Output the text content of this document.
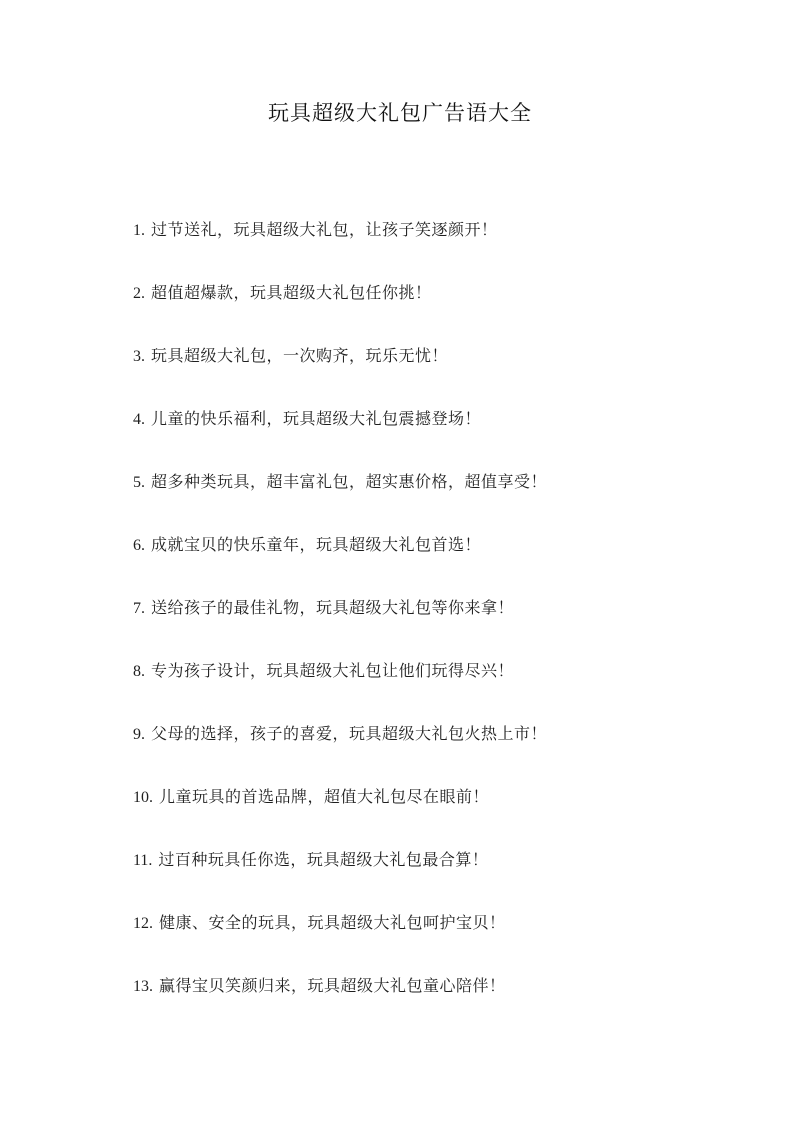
玩具超级大礼包广告语大全
1. 过节送礼，玩具超级大礼包，让孩子笑逐颜开！
2. 超值超爆款，玩具超级大礼包任你挑！
3. 玩具超级大礼包，一次购齐，玩乐无忧！
4. 儿童的快乐福利，玩具超级大礼包震撼登场！
5. 超多种类玩具，超丰富礼包，超实惠价格，超值享受！
6. 成就宝贝的快乐童年，玩具超级大礼包首选！
7. 送给孩子的最佳礼物，玩具超级大礼包等你来拿！
8. 专为孩子设计，玩具超级大礼包让他们玩得尽兴！
9. 父母的选择，孩子的喜爱，玩具超级大礼包火热上市！
10. 儿童玩具的首选品牌，超值大礼包尽在眼前！
11. 过百种玩具任你选，玩具超级大礼包最合算！
12. 健康、安全的玩具，玩具超级大礼包呵护宝贝！
13. 赢得宝贝笑颜归来，玩具超级大礼包童心陪伴！
